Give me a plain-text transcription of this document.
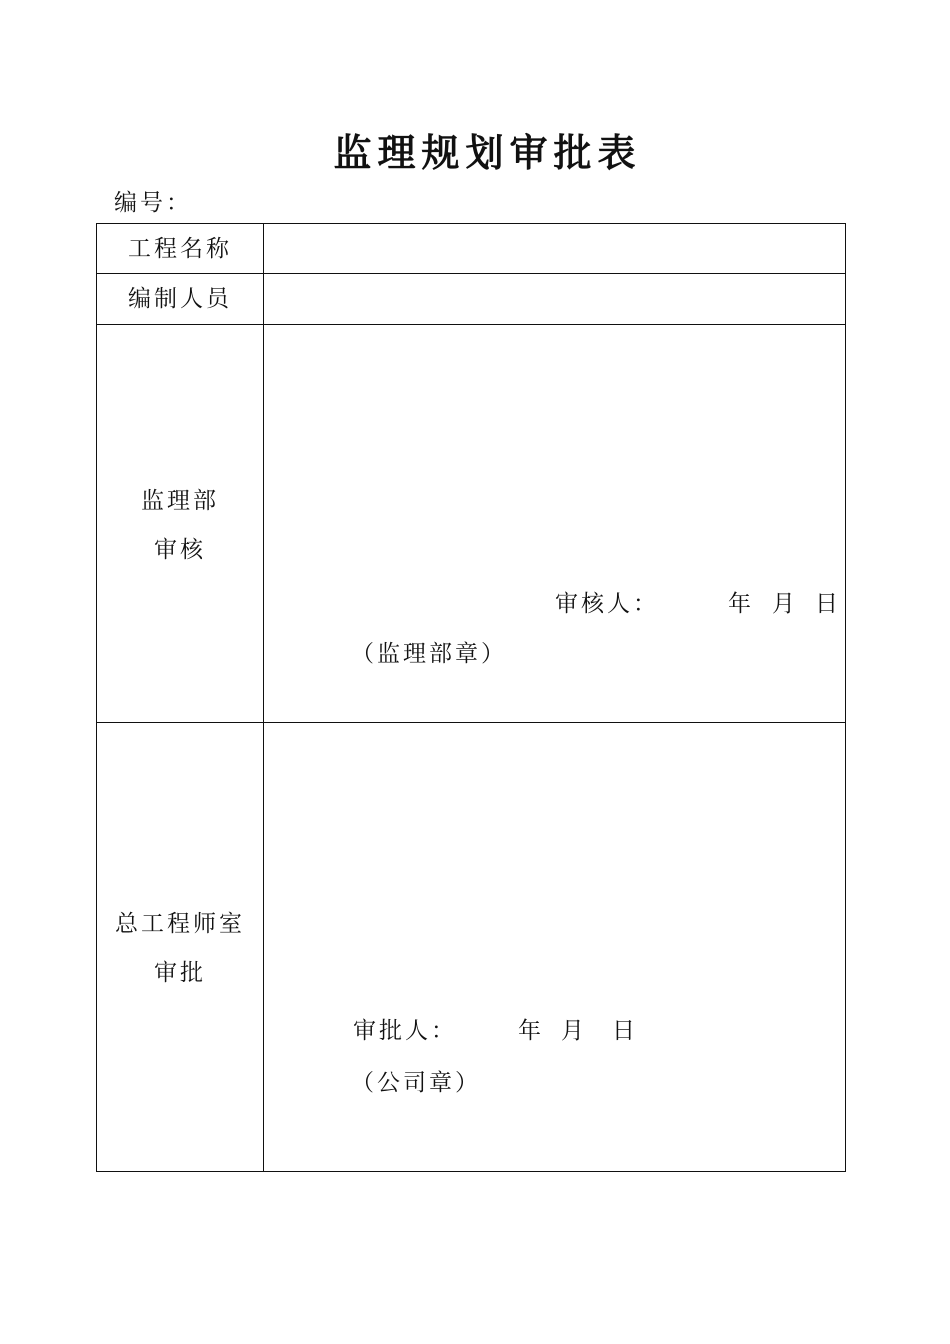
监理规划审批表
编号：
工程名称
编制人员
监理部
审核
审核人：	年 月 日
（监理部章）
总工程师室
审批
审批人：	年 月 日
（公司章）
